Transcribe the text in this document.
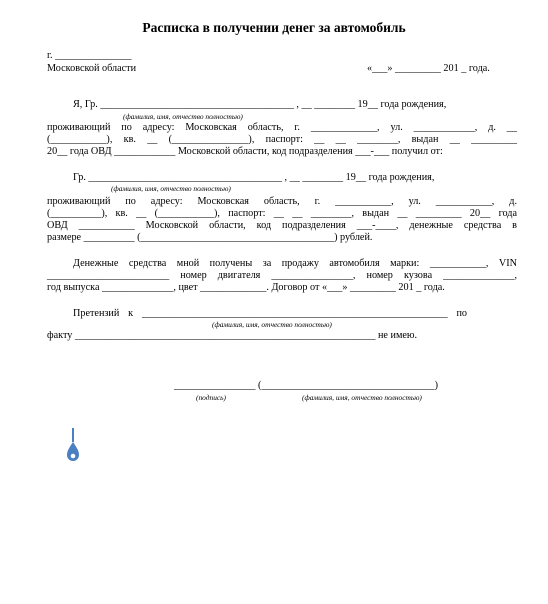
Расписка в получении денег за автомобиль
г. _______________
Московской области	«___» _________ 201 _ года.
Я, Гр. ______________________________________ , __ ________ 19__ года рождения,
(фамилия, имя, отчество полностью)
проживающий по адресу: Московская область, г. _____________, ул. ____________, д. __
(___________), кв. __ (_______________), паспорт: __ __ ________, выдан __ _________
20__ года ОВД ____________ Московской области, код подразделения ___-___ получил от:
Гр. ______________________________________ , __ ________ 19__ года рождения,
(фамилия, имя, отчество полностью)
проживающий по адресу: Московская область, г. ___________, ул. ___________, д.
(__________), кв. __ (___________), паспорт: __ __ ________, выдан __ _________ 20__ года
ОВД ___________ Московской области, код подразделения ___-____, денежные средства в
размере __________ (______________________________________) рублей.
Денежные средства мной получены за продажу автомобиля марки: ___________, VIN
________________________ номер двигателя ________________, номер кузова ______________,
год выпуска ______________, цвет _____________. Договор от «___» _________ 201 _ года.
Претензий к ____________________________________________________________ по
(фамилия, имя, отчество полностью)
факту ___________________________________________________________ не имею.
________________ (__________________________________)
(подпись)	(фамилия, имя, отчество полностью)
